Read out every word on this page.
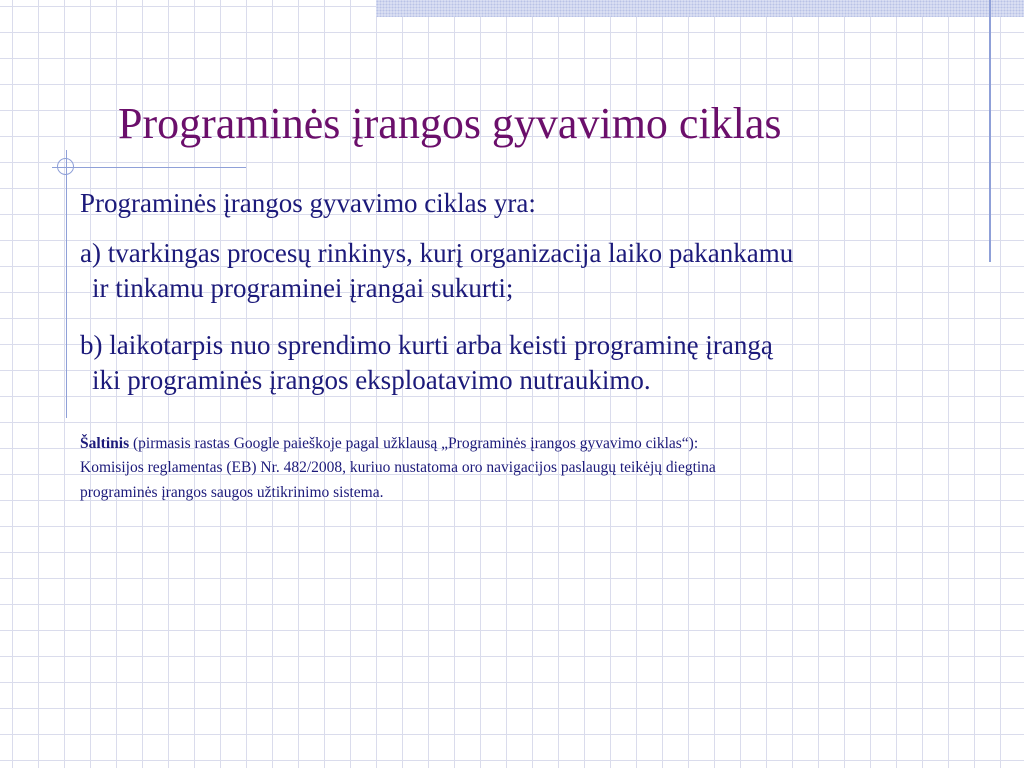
Programinės įrangos gyvavimo ciklas

Programinės įrangos gyvavimo ciklas yra:

a) tvarkingas procesų rinkinys, kurį organizacija laiko pakankamu
ir tinkamu programinei įrangai sukurti;

b) laikotarpis nuo sprendimo kurti arba keisti programinę įrangą
iki programinės įrangos eksploatavimo nutraukimo.

Šaltinis (pirmasis rastas Google paieškoje pagal užklausą „Programinės įrangos gyvavimo ciklas“):
Komisijos reglamentas (EB) Nr. 482/2008, kuriuo nustatoma oro navigacijos paslaugų teikėjų diegtina
programinės įrangos saugos užtikrinimo sistema.
